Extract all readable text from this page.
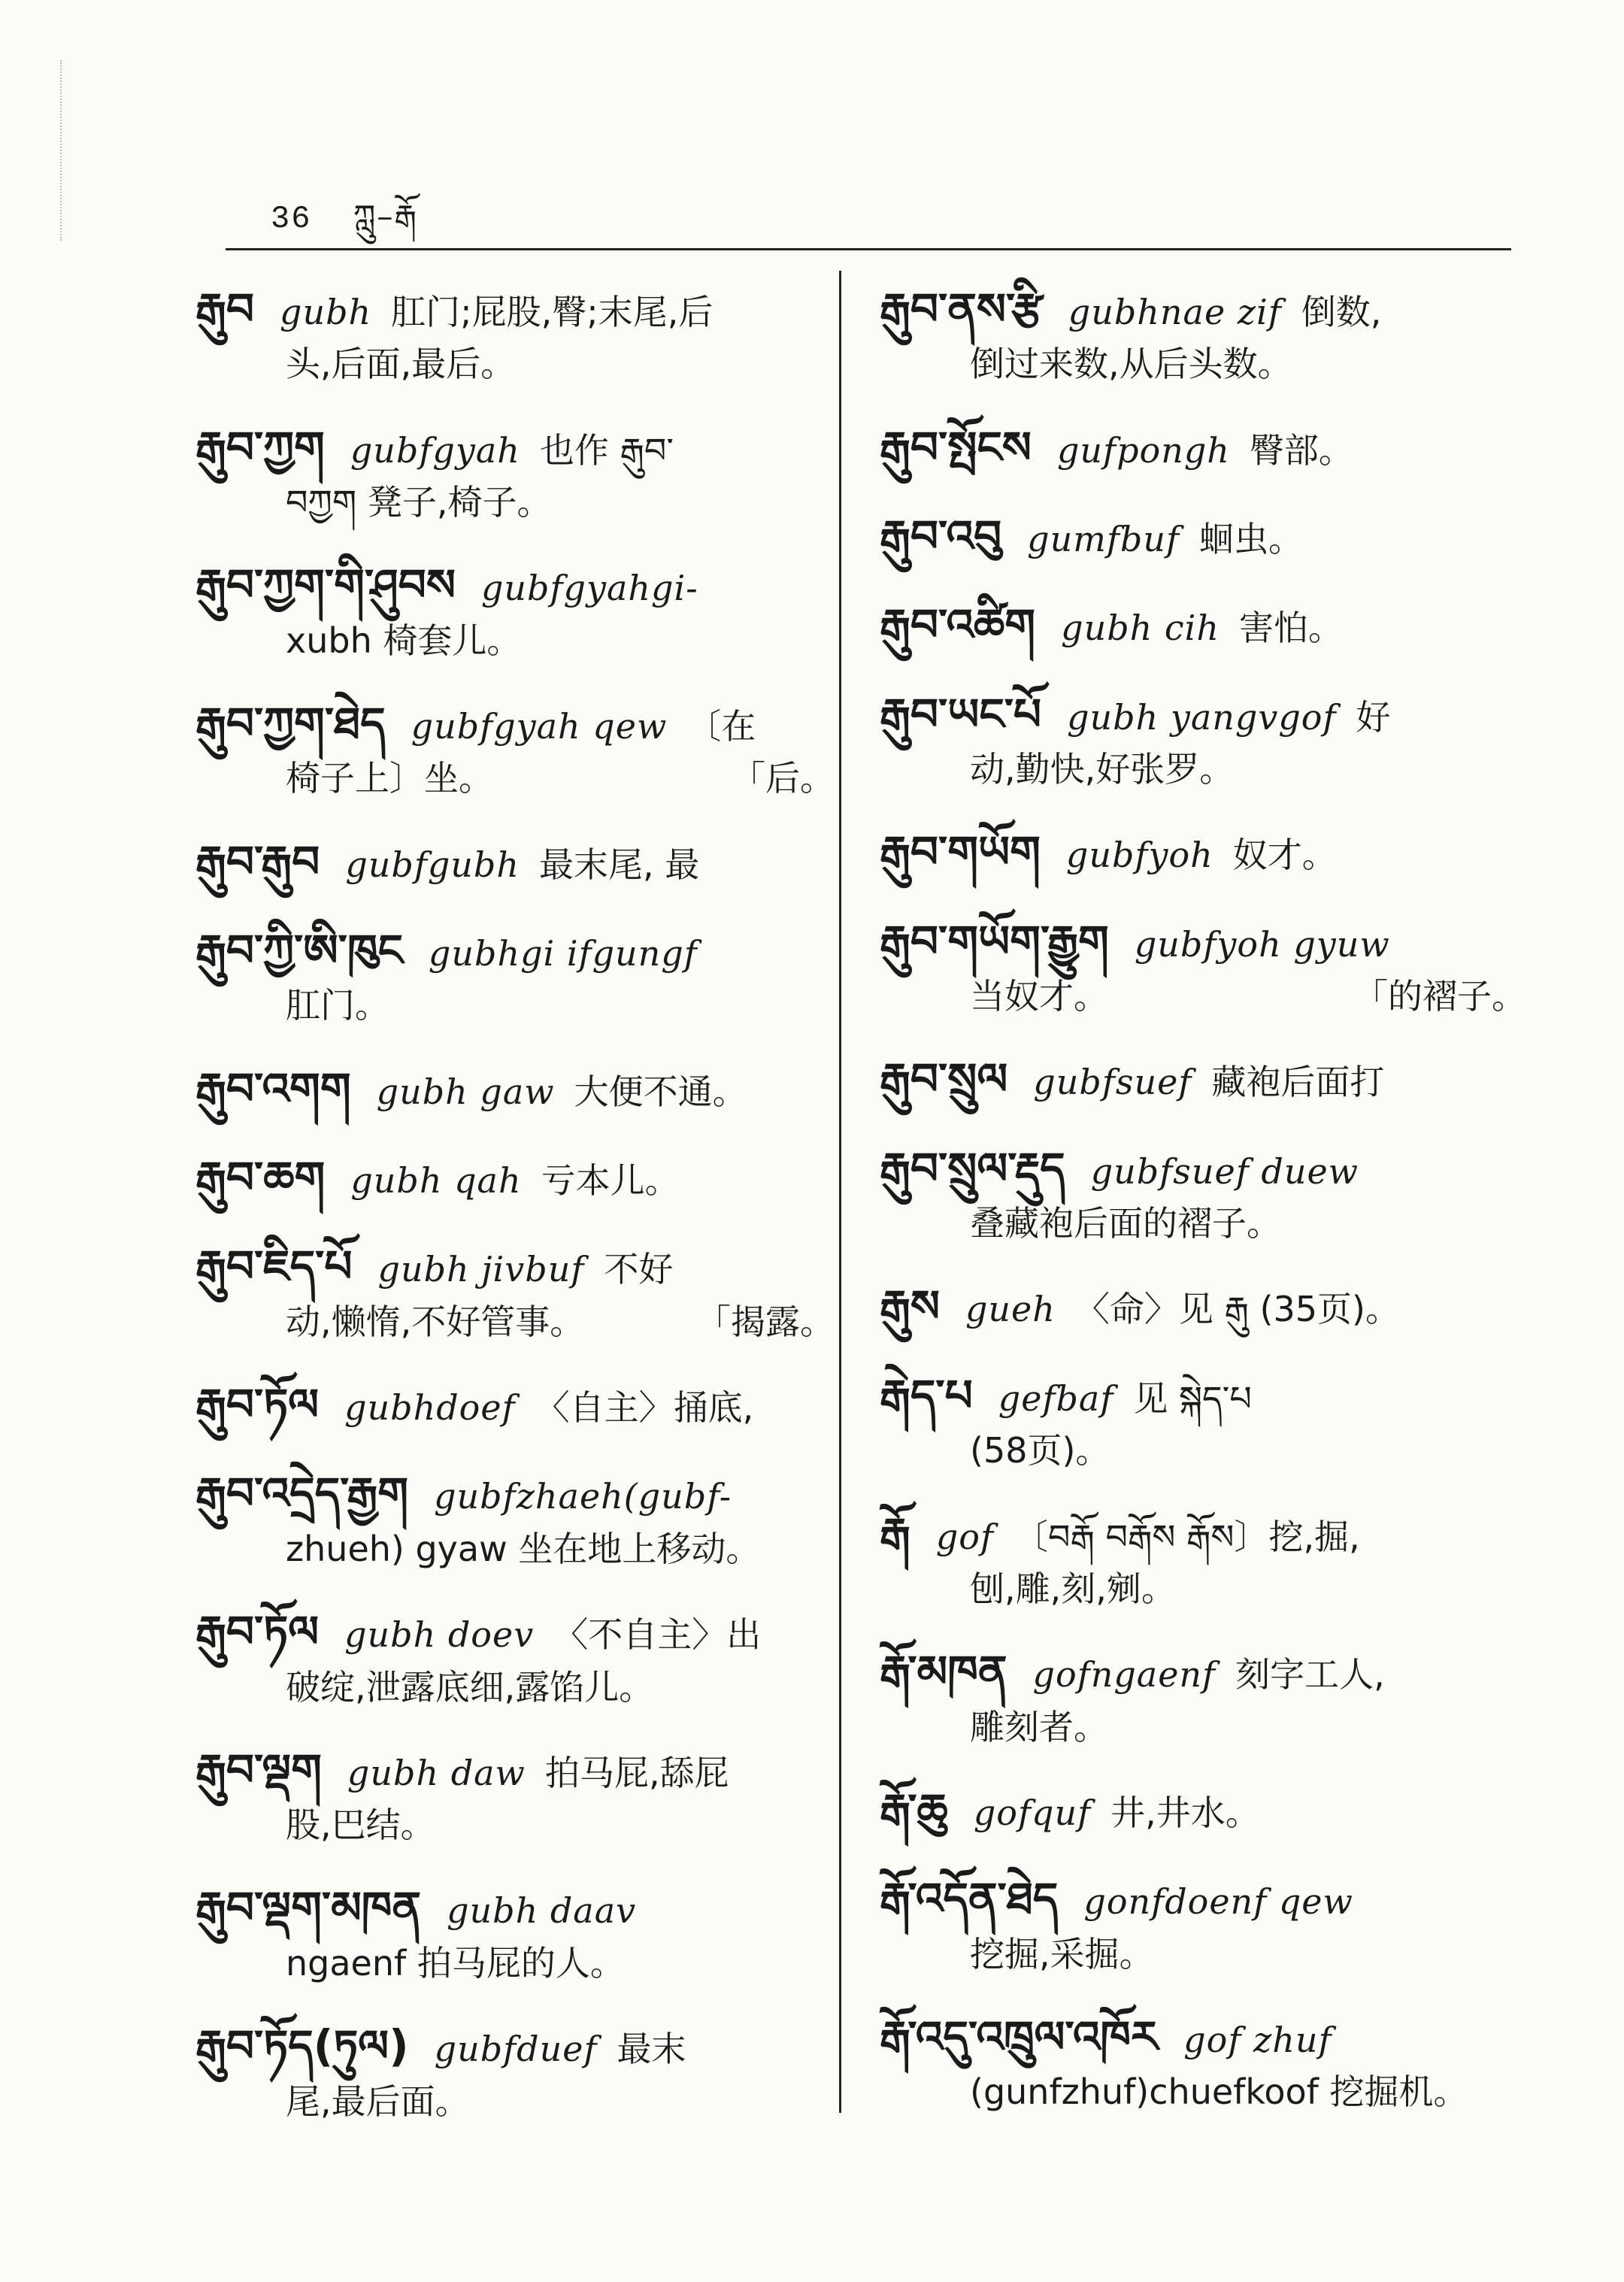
36 ཀླུ–རྒོ
རྒུབ gubh 肛门;屁股,臀;末尾,后
头,后面,最后。
རྒུབ་ཀྱག gubfgyah 也作 རྒུབ་
བཀྱག 凳子,椅子。
རྒུབ་ཀྱག་གི་ཤུབས gubfgyahgi-
xubh 椅套儿。
རྒུབ་ཀྱག་ཐེད gubfgyah qew 〔在
椅子上〕坐。	「后。
རྒུབ་རྒུབ gubfgubh 最末尾, 最
རྒུབ་ཀྱི་ཨི་ཁུང gubhgi ifgungf
肛门。
རྒུབ་འགག gubh gaw 大便不通。
རྒུབ་ཆག gubh qah 亏本儿。
རྒུབ་ཇིད་པོ gubh jivbuf 不好
动,懒惰,不好管事。	「揭露。
རྒུབ་ཏོལ gubhdoef 〈自主〉捅底,
རྒུབ་འདྲེད་རྒྱག gubfzhaeh(gubf-
zhueh) gyaw 坐在地上移动。
རྒུབ་ཏོལ gubh doev 〈不自主〉出
破绽,泄露底细,露馅儿。
རྒུབ་ལྡག gubh daw 拍马屁,舔屁
股,巴结。
རྒུབ་ལྡག་མཁན gubh daav
ngaenf 拍马屁的人。
རྒུབ་ཏོད(ཏུལ) gubfduef 最末
尾,最后面。
རྒུབ་ནས་རྩི gubhnae zif 倒数,
倒过来数,从后头数。
རྒུབ་སྤོངས gufpongh 臀部。
རྒུབ་འབུ gumfbuf 蛔虫。
རྒུབ་འཚིག gubh cih 害怕。
རྒུབ་ཡང་པོ gubh yangvgof 好
动,勤快,好张罗。
རྒུབ་གཡོག gubfyoh 奴才。
རྒུབ་གཡོག་རྒྱུག gubfyoh gyuw
当奴才。	「的褶子。
རྒུབ་སྲུལ gubfsuef 藏袍后面打
རྒུབ་སྲུལ་རྡུད gubfsuef duew
叠藏袍后面的褶子。
རྒུས gueh 〈命〉见 རྒུ (35页)。
རྒེད་པ gefbaf 见 སྐེད་པ
(58页)。
རྒོ gof 〔བརྒོ བརྒོས རྒོས〕挖,掘,
刨,雕,刻,剜。
རྒོ་མཁན gofngaenf 刻字工人,
雕刻者。
རྒོ་ཆུ gofquf 井,井水。
རྒོ་འདོན་ཐེད gonfdoenf qew
挖掘,采掘。
རྒོ་འདུ་འཁྲུལ་འཁོར gof zhuf
(gunfzhuf)chuefkoof 挖掘机。
